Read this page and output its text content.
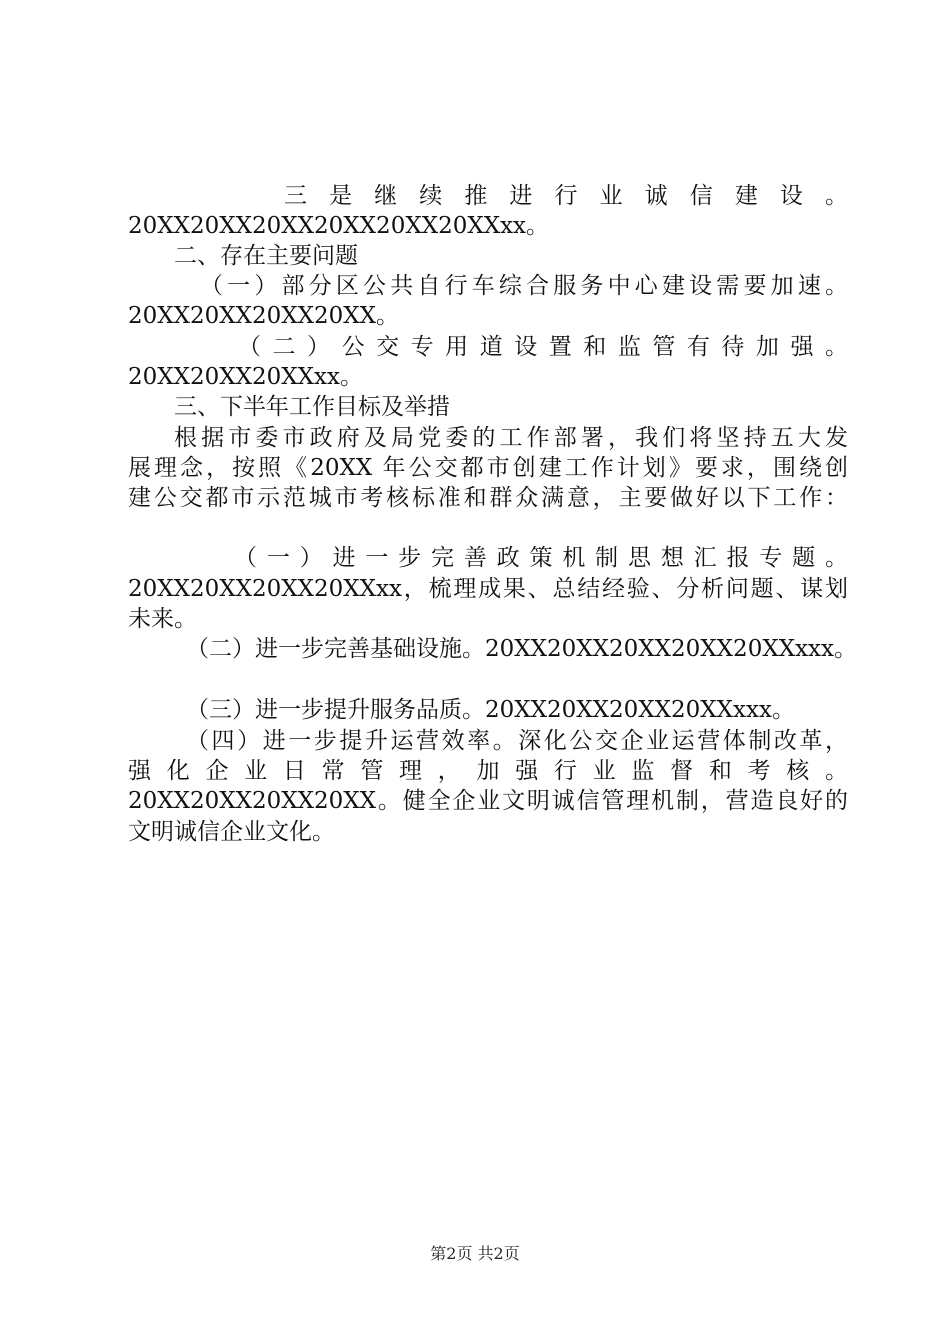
三 是 继 续 推 进 行 业 诚 信 建 设 。
20XX20XX20XX20XX20XX20XXxx。
二、存在主要问题
（一）部分区公共自行车综合服务中心建设需要加速。
20XX20XX20XX20XX。
（ 二 ） 公 交 专 用 道 设 置 和 监 管 有 待 加 强 。
20XX20XX20XXxx。
三、下半年工作目标及举措
根据市委市政府及局党委的工作部署，我们将坚持五大发
展理念，按照《20XX 年公交都市创建工作计划》要求，围绕创
建公交都市示范城市考核标准和群众满意，主要做好以下工作：
（ 一 ） 进 一 步 完 善 政 策 机 制 思 想 汇 报 专 题 。
20XX20XX20XX20XXxx，梳理成果、总结经验、分析问题、谋划
未来。
（二）进一步完善基础设施。20XX20XX20XX20XX20XXxxx。
（三）进一步提升服务品质。20XX20XX20XX20XXxxx。
（四）进一步提升运营效率。深化公交企业运营体制改革，
强 化 企 业 日 常 管 理 ， 加 强 行 业 监 督 和 考 核 。
20XX20XX20XX20XX。健全企业文明诚信管理机制，营造良好的
文明诚信企业文化。
第2页 共2页
